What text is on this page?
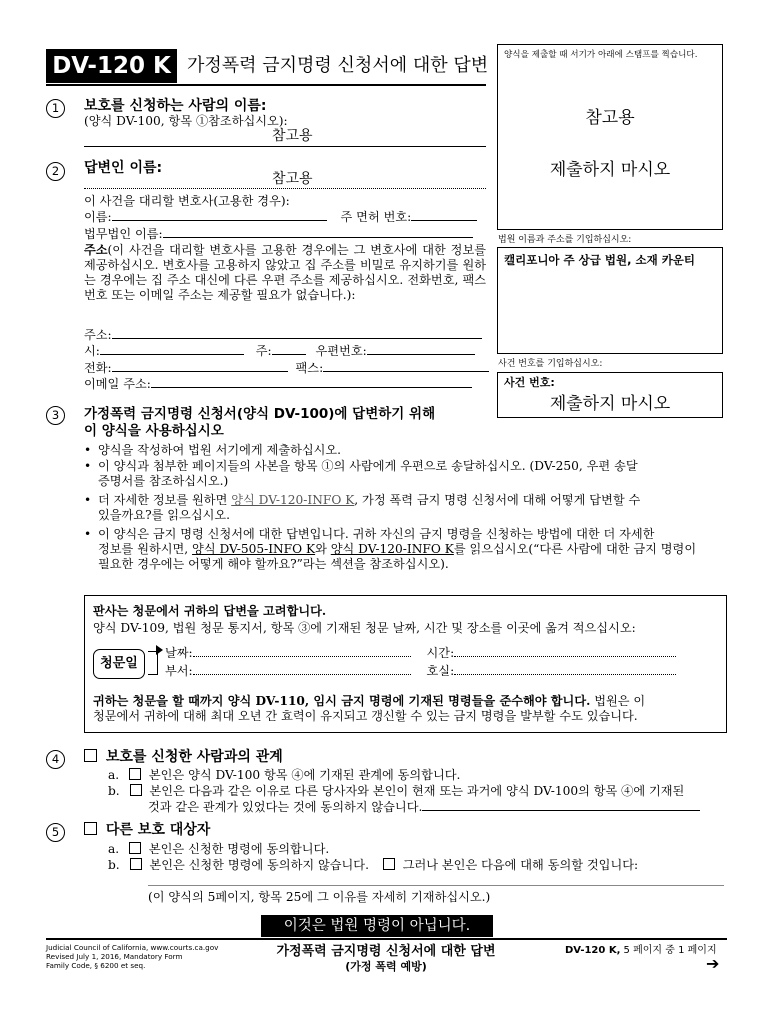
DV-120 K 가정폭력 금지명령 신청서에 대한 답변 양식을 제출할 때 서기가 아래에 스탬프를 찍습니다.
참고용
제출하지 마시오
법원 이름과 주소를 기입하십시오:
캘리포니아 주 상급 법원, 소재 카운티
사건 번호를 기입하십시오:
사건 번호:
제출하지 마시오
1	보호를 신청하는 사람의 이름:
(양식 DV-100, 항목 ①참조하십시오):
참고용
2	답변인 이름:
참고용
이 사건을 대리할 변호사(고용한 경우):
이름:	주 면허 번호:
법무법인 이름:
주소(이 사건을 대리할 변호사를 고용한 경우에는 그 변호사에 대한 정보를 제공하십시오. 변호사를 고용하지 않았고 집 주소를 비밀로 유지하기를 원하는 경우에는 집 주소 대신에 다른 우편 주소를 제공하십시오. 전화번호, 팩스 번호 또는 이메일 주소는 제공할 필요가 없습니다.):
주소:
시:	주:	우편번호:
전화:	팩스:
이메일 주소:
3	가정폭력 금지명령 신청서(양식 DV-100)에 답변하기 위해
이 양식을 사용하십시오
• 양식을 작성하여 법원 서기에게 제출하십시오.
• 이 양식과 첨부한 페이지들의 사본을 항목 ①의 사람에게 우편으로 송달하십시오. (DV-250, 우편 송달
증명서를 참조하십시오.)
• 더 자세한 정보를 원하면 양식 DV-120-INFO K, 가정 폭력 금지 명령 신청서에 대해 어떻게 답변할 수
있을까요?를 읽으십시오.
• 이 양식은 금지 명령 신청서에 대한 답변입니다. 귀하 자신의 금지 명령을 신청하는 방법에 대한 더 자세한
정보를 원하시면, 양식 DV-505-INFO K와 양식 DV-120-INFO K를 읽으십시오(“다른 사람에 대한 금지 명령이
필요한 경우에는 어떻게 해야 할까요?”라는 섹션을 참조하십시오).
판사는 청문에서 귀하의 답변을 고려합니다.
양식 DV-109, 법원 청문 통지서, 항목 ③에 기재된 청문 날짜, 시간 및 장소를 이곳에 옮겨 적으십시오:
청문일
날짜:	시간:
부서:	호실:
귀하는 청문을 할 때까지 양식 DV-110, 임시 금지 명령에 기재된 명령들을 준수해야 합니다. 법원은 이
청문에서 귀하에 대해 최대 오년 간 효력이 유지되고 갱신할 수 있는 금지 명령을 발부할 수도 있습니다.
4	보호를 신청한 사람과의 관계
a. 본인은 양식 DV-100 항목 ④에 기재된 관계에 동의합니다.
b. 본인은 다음과 같은 이유로 다른 당사자와 본인이 현재 또는 과거에 양식 DV-100의 항목 ④에 기재된
것과 같은 관계가 있었다는 것에 동의하지 않습니다.
5	다른 보호 대상자
a. 본인은 신청한 명령에 동의합니다.
b. 본인은 신청한 명령에 동의하지 않습니다.	그러나 본인은 다음에 대해 동의할 것입니다:
(이 양식의 5페이지, 항목 25에 그 이유를 자세히 기재하십시오.)
이것은 법원 명령이 아닙니다.
Judicial Council of California, www.courts.ca.gov
Revised July 1, 2016, Mandatory Form
Family Code, § 6200 et seq.
가정폭력 금지명령 신청서에 대한 답변
(가정 폭력 예방)
DV-120 K, 5 페이지 중 1 페이지
➔
